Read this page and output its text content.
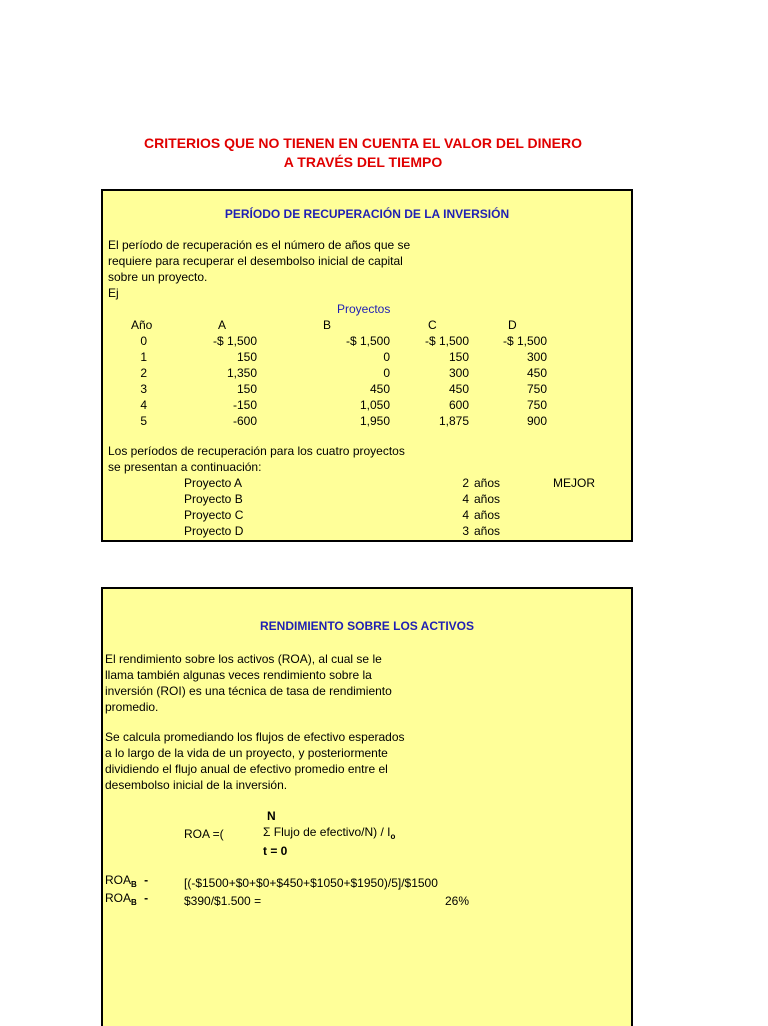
CRITERIOS QUE NO TIENEN EN CUENTA EL VALOR DEL DINERO
A TRAVÉS DEL TIEMPO
PERÍODO DE RECUPERACIÓN DE LA INVERSIÓN
El período de recuperación es el número de años que se
requiere para recuperar el desembolso inicial de capital
sobre un proyecto.
Ej
Proyectos
Año	A	B	C	D
0	-$ 1,500	-$ 1,500	-$ 1,500	-$ 1,500
1	150	0	150	300
2	1,350	0	300	450
3	150	450	450	750
4	-150	1,050	600	750
5	-600	1,950	1,875	900
Los períodos de recuperación para los cuatro proyectos
se presentan a continuación:
Proyecto A	2 años	MEJOR
Proyecto B	4 años
Proyecto C	4 años
Proyecto D	3 años
RENDIMIENTO SOBRE LOS ACTIVOS
El rendimiento sobre los activos (ROA), al cual se le
llama también algunas veces rendimiento sobre la
inversión (ROI) es una técnica de tasa de rendimiento
promedio.
Se calcula promediando los flujos de efectivo esperados
a lo largo de la vida de un proyecto, y posteriormente
dividiendo el flujo anual de efectivo promedio entre el
desembolso inicial de la inversión.
N
ROA =(	Σ Flujo de efectivo/N) / $I_o$
t = 0
$ROA_B$ -	[(-$1500+$0+$0+$450+$1050+$1950)/5]/$1500
$ROA_B$ -	$390/$1.500 =	26%
